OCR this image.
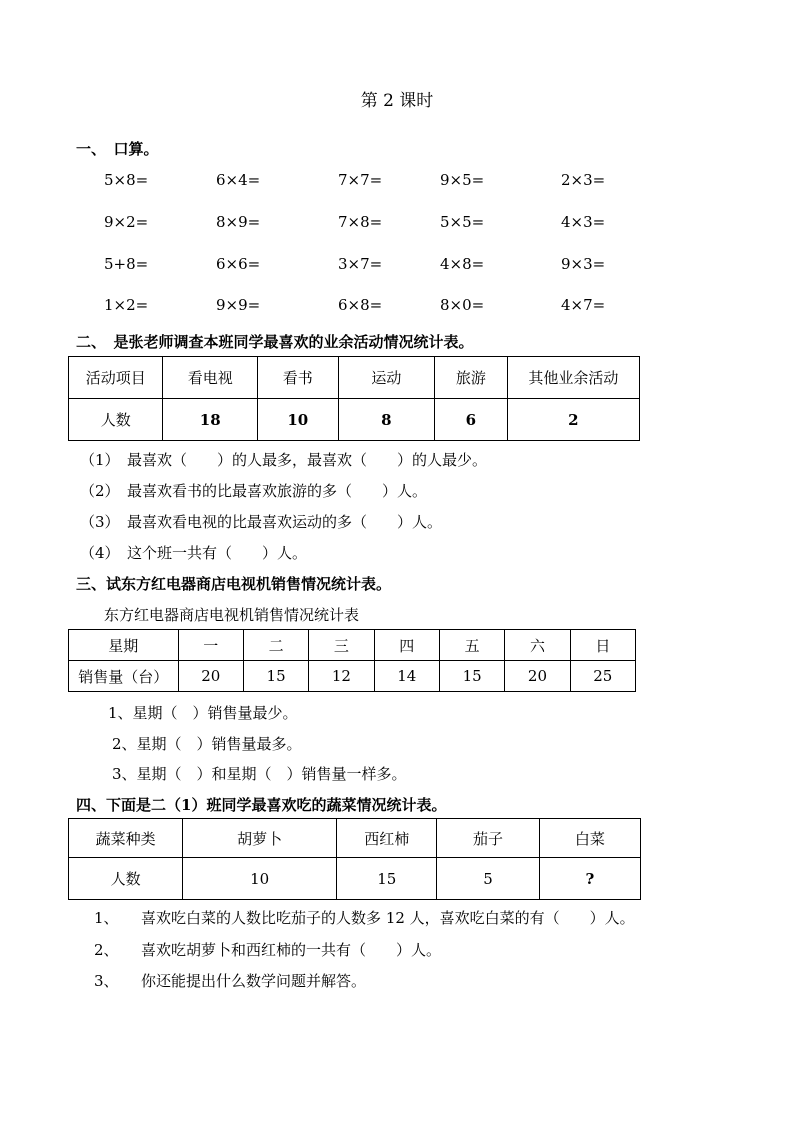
第 2 课时
一、　口算。
5×8=	6×4=	7×7=	9×5=	2×3=
9×2=	8×9=	7×8=	5×5=	4×3=
5+8=	6×6=	3×7=	4×8=	9×3=
1×2=	9×9=	6×8=	8×0=	4×7=
二、　是张老师调查本班同学最喜欢的业余活动情况统计表。
活动项目	看电视	看书	运动	旅游	其他业余活动
人数	18	10	8	6	2
（1）　最喜欢（　　）的人最多，最喜欢（　　）的人最少。
（2）　最喜欢看书的比最喜欢旅游的多（　　）人。
（3）　最喜欢看电视的比最喜欢运动的多（　　）人。
（4）　这个班一共有（　　）人。
三、试东方红电器商店电视机销售情况统计表。
东方红电器商店电视机销售情况统计表
星期	一	二	三	四	五	六	日
销售量（台）	20	15	12	14	15	20	25
1、星期（　）销售量最少。
2、星期（　）销售量最多。
3、星期（　）和星期（　）销售量一样多。
四、下面是二（1）班同学最喜欢吃的蔬菜情况统计表。
蔬菜种类	胡萝卜	西红柿	茄子	白菜
人数	10	15	5	?
1、　　喜欢吃白菜的人数比吃茄子的人数多 12 人，喜欢吃白菜的有（　　）人。
2、　　喜欢吃胡萝卜和西红柿的一共有（　　）人。
3、　　你还能提出什么数学问题并解答。
